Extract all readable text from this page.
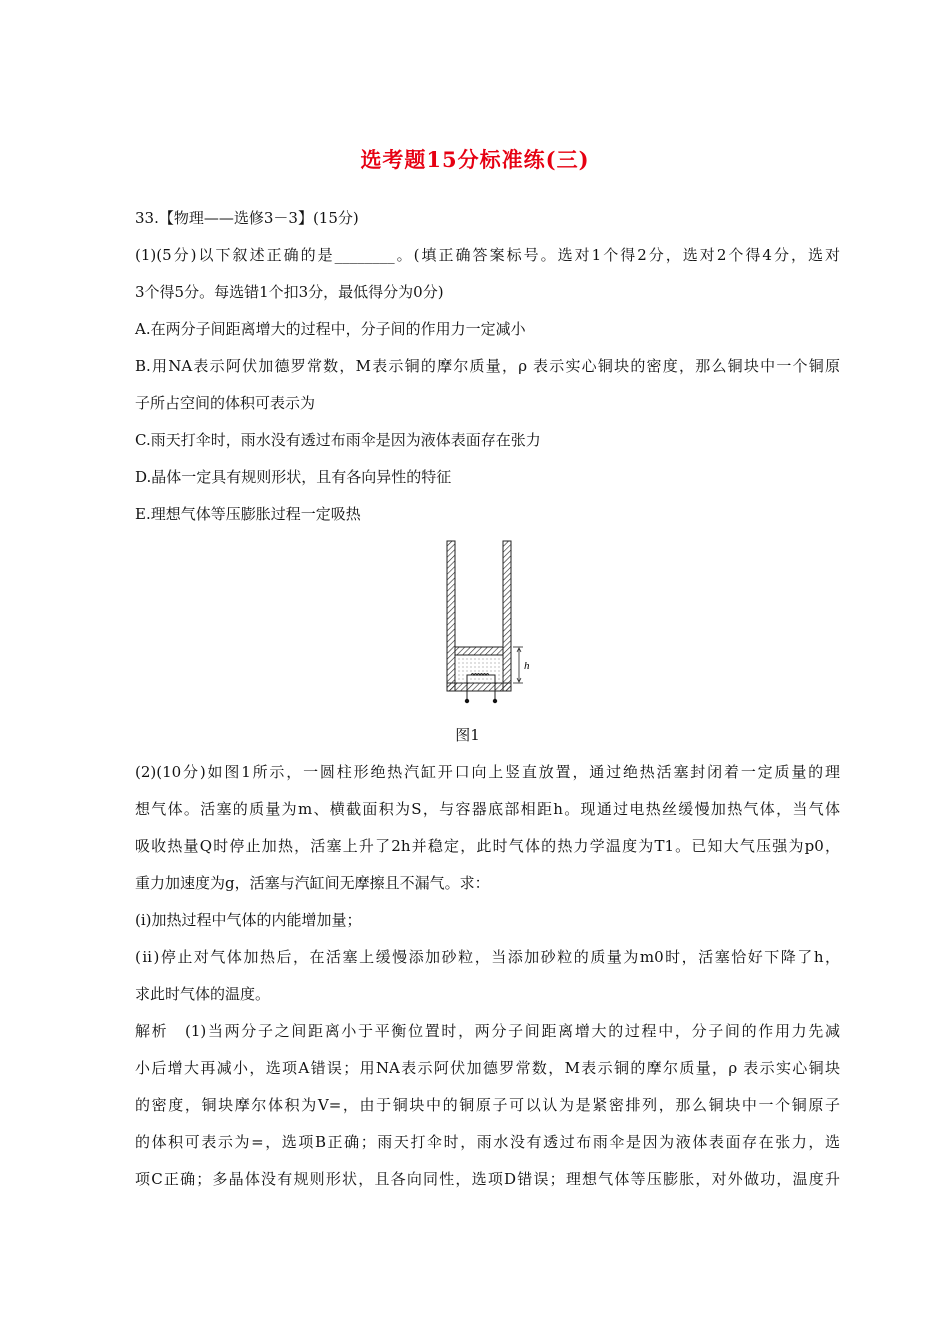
选考题15分标准练(三)
33.【物理——选修3－3】(15分)
(1)(5分)以下叙述正确的是________。(填正确答案标号。选对1个得2分，选对2个得4分，选对
3个得5分。每选错1个扣3分，最低得分为0分)
A.在两分子间距离增大的过程中，分子间的作用力一定减小
B.用NA表示阿伏加德罗常数，M表示铜的摩尔质量，ρ 表示实心铜块的密度，那么铜块中一个铜原
子所占空间的体积可表示为
C.雨天打伞时，雨水没有透过布雨伞是因为液体表面存在张力
D.晶体一定具有规则形状，且有各向异性的特征
E.理想气体等压膨胀过程一定吸热
h
图1
(2)(10分)如图1所示，一圆柱形绝热汽缸开口向上竖直放置，通过绝热活塞封闭着一定质量的理
想气体。活塞的质量为m、横截面积为S，与容器底部相距h。现通过电热丝缓慢加热气体，当气体
吸收热量Q时停止加热，活塞上升了2h并稳定，此时气体的热力学温度为T1。已知大气压强为p0，
重力加速度为g，活塞与汽缸间无摩擦且不漏气。求：
(ⅰ)加热过程中气体的内能增加量；
(ⅱ)停止对气体加热后，在活塞上缓慢添加砂粒，当添加砂粒的质量为m0时，活塞恰好下降了h，
求此时气体的温度。
解析　(1)当两分子之间距离小于平衡位置时，两分子间距离增大的过程中，分子间的作用力先减
小后增大再减小，选项A错误；用NA表示阿伏加德罗常数，M表示铜的摩尔质量，ρ 表示实心铜块
的密度，铜块摩尔体积为V=，由于铜块中的铜原子可以认为是紧密排列，那么铜块中一个铜原子
的体积可表示为=，选项B正确；雨天打伞时，雨水没有透过布雨伞是因为液体表面存在张力，选
项C正确；多晶体没有规则形状，且各向同性，选项D错误；理想气体等压膨胀，对外做功，温度升
